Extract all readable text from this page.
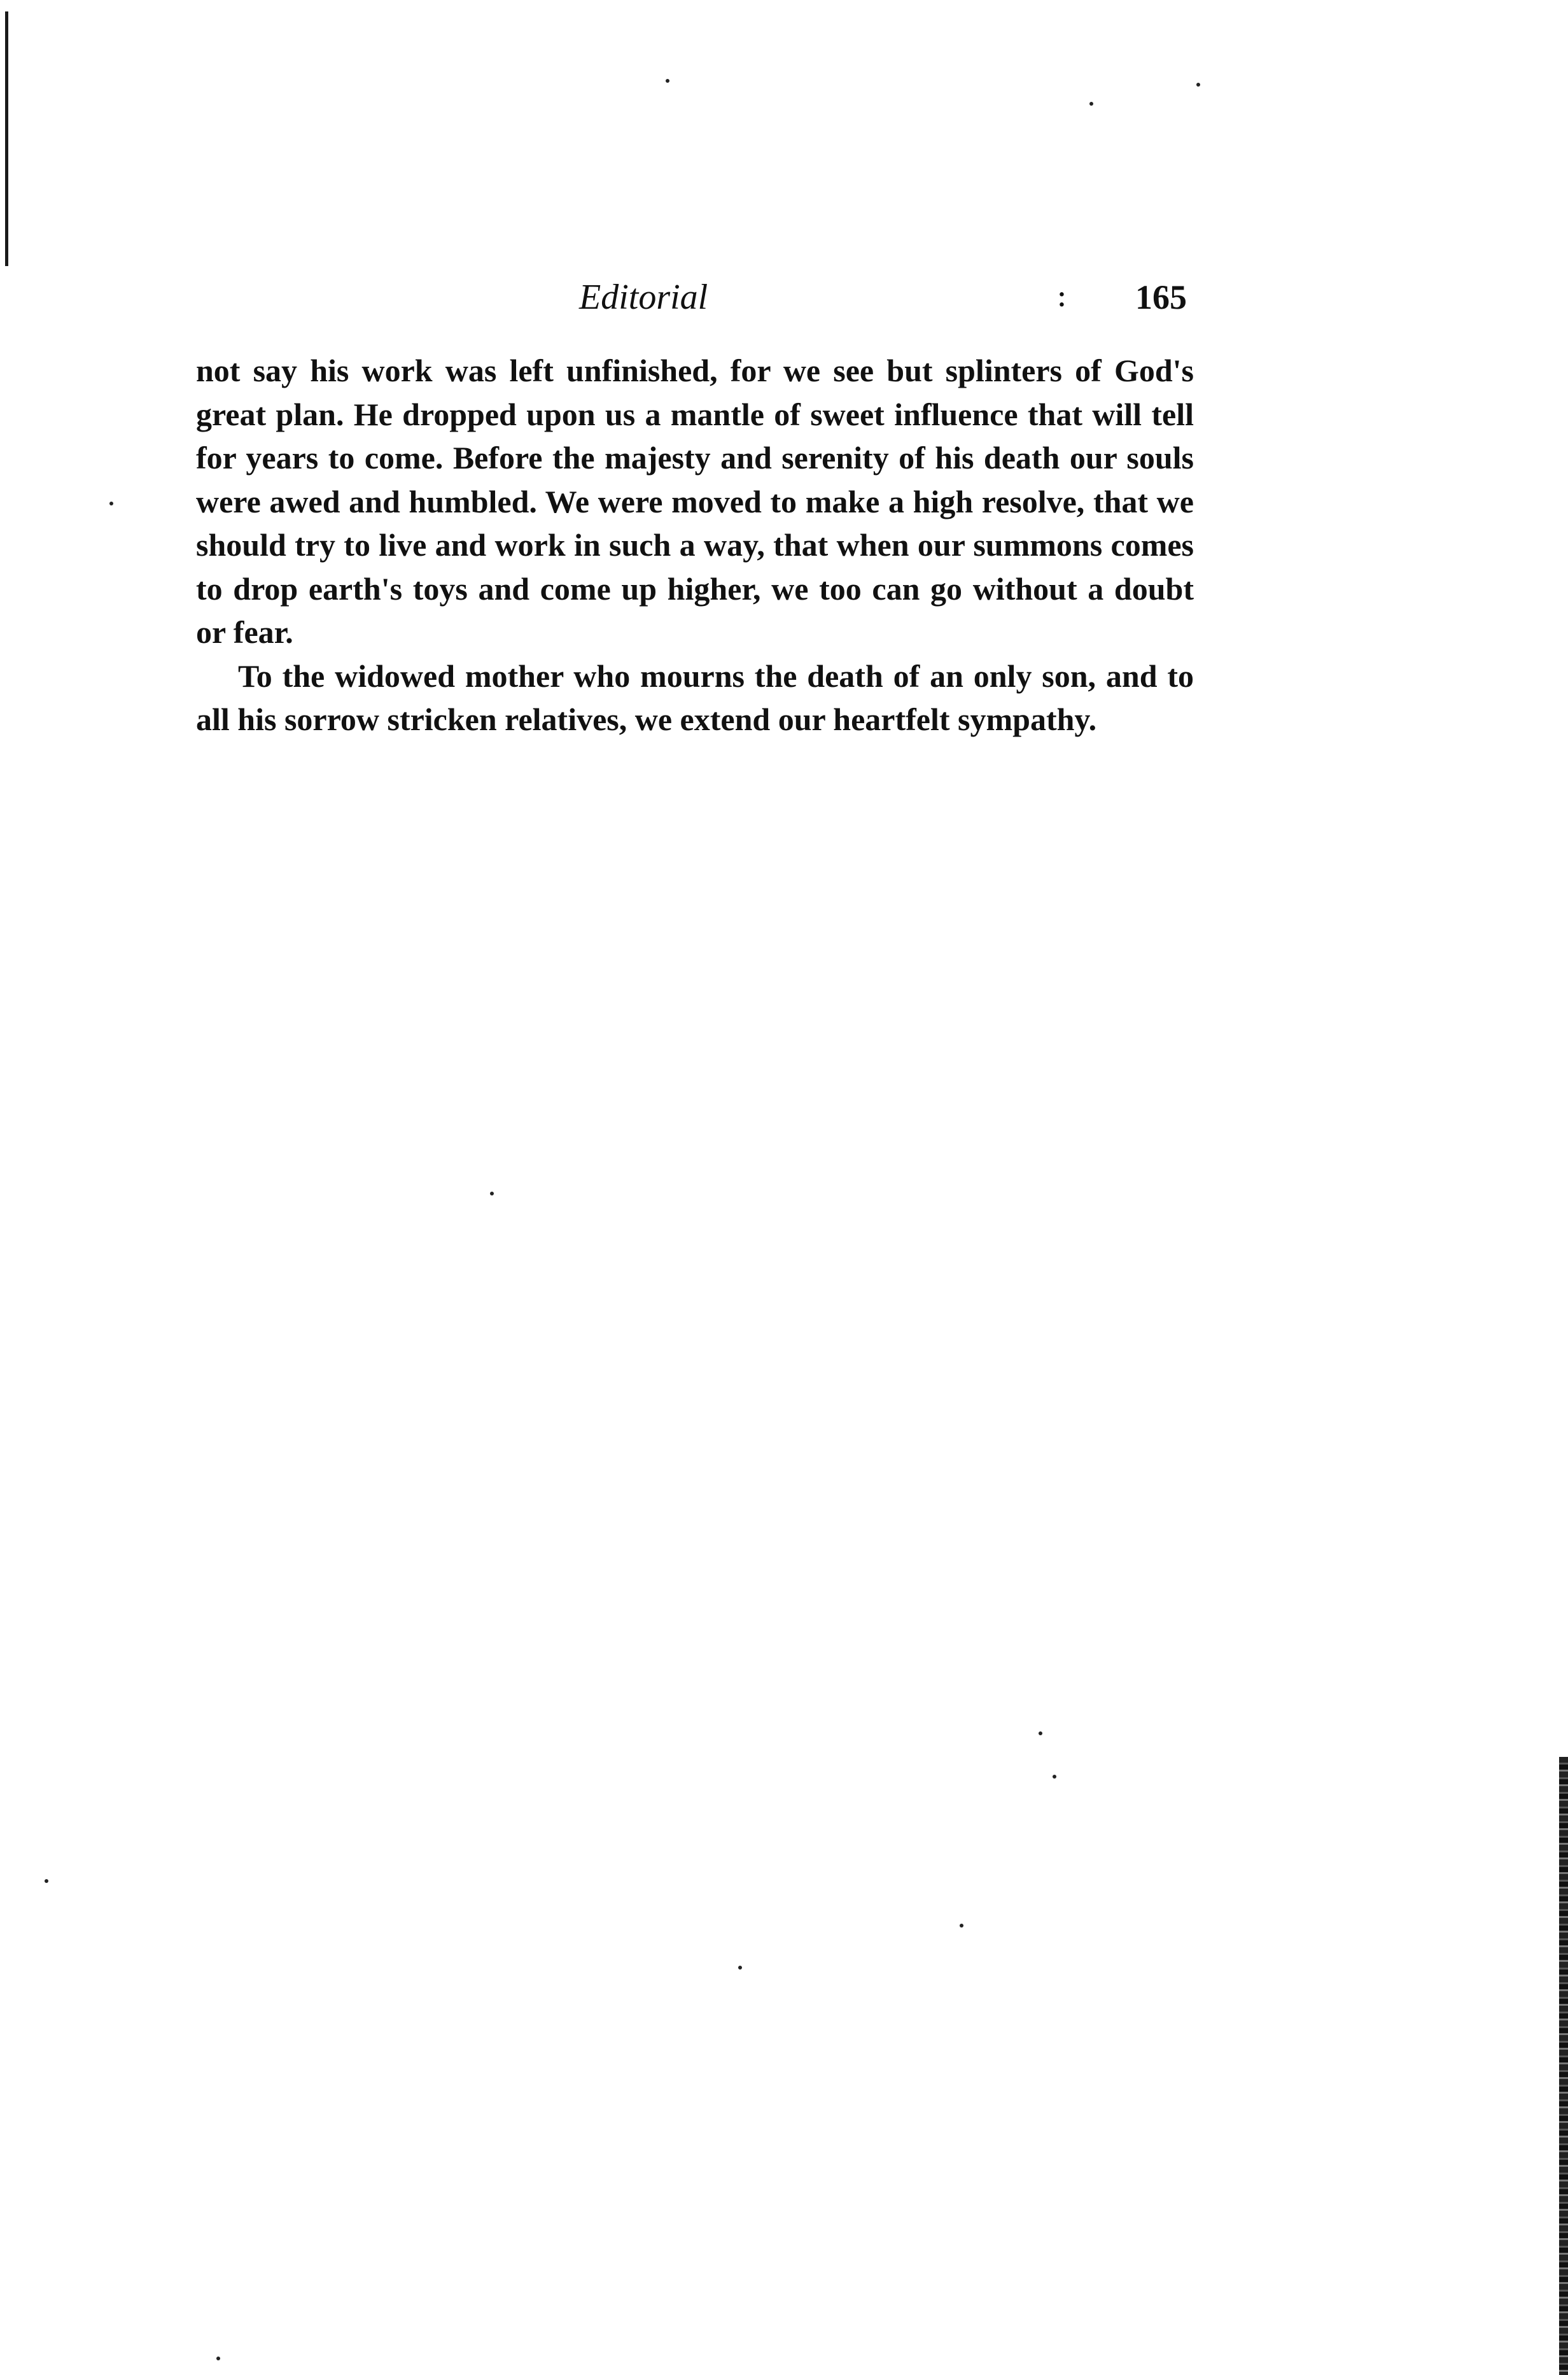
Editorial	: 165

not say his work was left unfinished, for we see but splinters of God's great plan. He dropped upon us a mantle of sweet influence that will tell for years to come. Before the majesty and serenity of his death our souls were awed and humbled. We were moved to make a high resolve, that we should try to live and work in such a way, that when our summons comes to drop earth's toys and come up higher, we too can go without a doubt or fear.

To the widowed mother who mourns the death of an only son, and to all his sorrow stricken relatives, we extend our heartfelt sympathy.
